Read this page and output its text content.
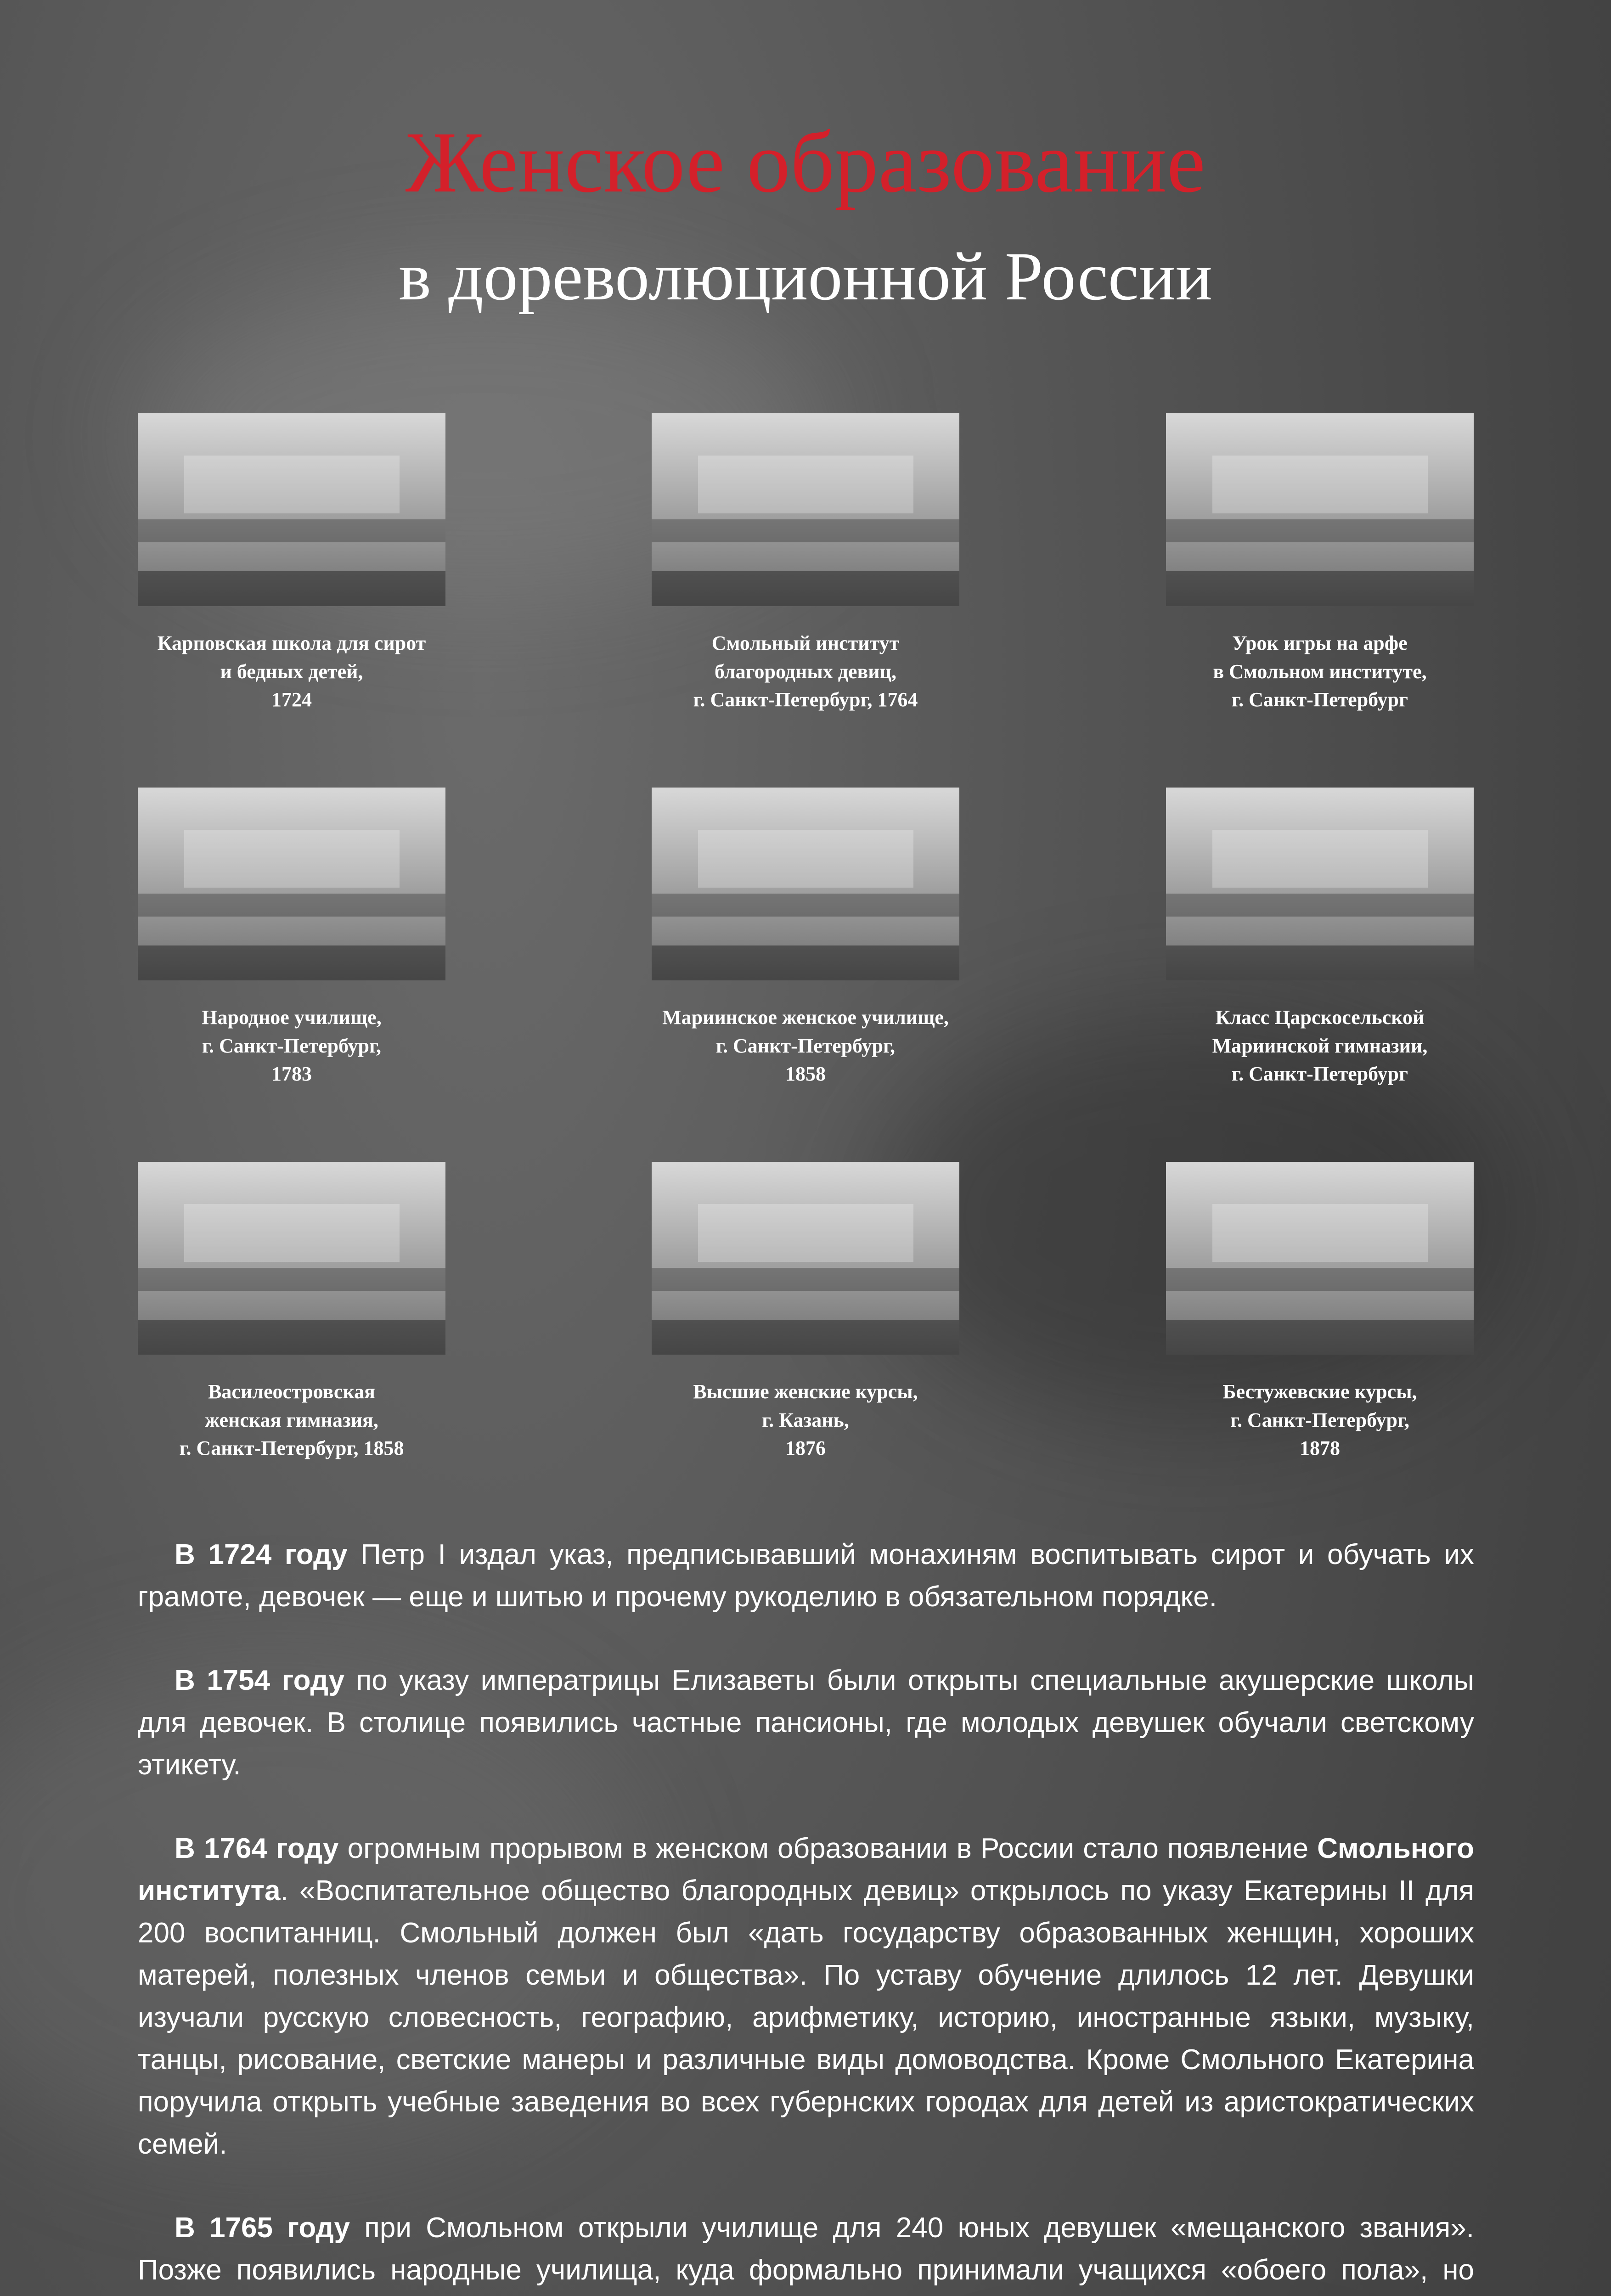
Женское образование
в дореволюционной России
Карповская школа для сирот
и бедных детей,
1724
Смольный институт
благородных девиц,
г. Санкт-Петербург, 1764
Урок игры на арфе
в Смольном институте,
г. Санкт-Петербург
Народное училище,
г. Санкт-Петербург,
1783
Мариинское женское училище,
г. Санкт-Петербург,
1858
Класс Царскосельской
Мариинской гимназии,
г. Санкт-Петербург
Василеостровская
женская гимназия,
г. Санкт-Петербург, 1858
Высшие женские курсы,
г. Казань,
1876
Бестужевские курсы,
г. Санкт-Петербург,
1878

В 1724 году Петр I издал указ, предписывавший монахиням воспитывать сирот и обучать их грамоте, девочек — еще и шитью и прочему рукоделию в обязательном порядке.

В 1754 году по указу императрицы Елизаветы были открыты специальные акушерские школы для девочек. В столице появились частные пансионы, где молодых девушек обучали светскому этикету.

В 1764 году огромным прорывом в женском образовании в России стало появление Смольного института. «Воспитательное общество благородных девиц» открылось по указу Екатерины II для 200 воспитанниц. Смольный должен был «дать государству образованных женщин, хороших матерей, полезных членов семьи и общества». По уставу обучение длилось 12 лет. Девушки изучали русскую словесность, географию, арифметику, историю, иностранные языки, музыку, танцы, рисование, светские манеры и различные виды домоводства. Кроме Смольного Екатерина поручила открыть учебные заведения во всех губернских городах для детей из аристократических семей.

В 1765 году при Смольном открыли училище для 240 юных девушек «мещанского звания». Позже появились народные училища, куда формально принимали учащихся «обоего пола», но
